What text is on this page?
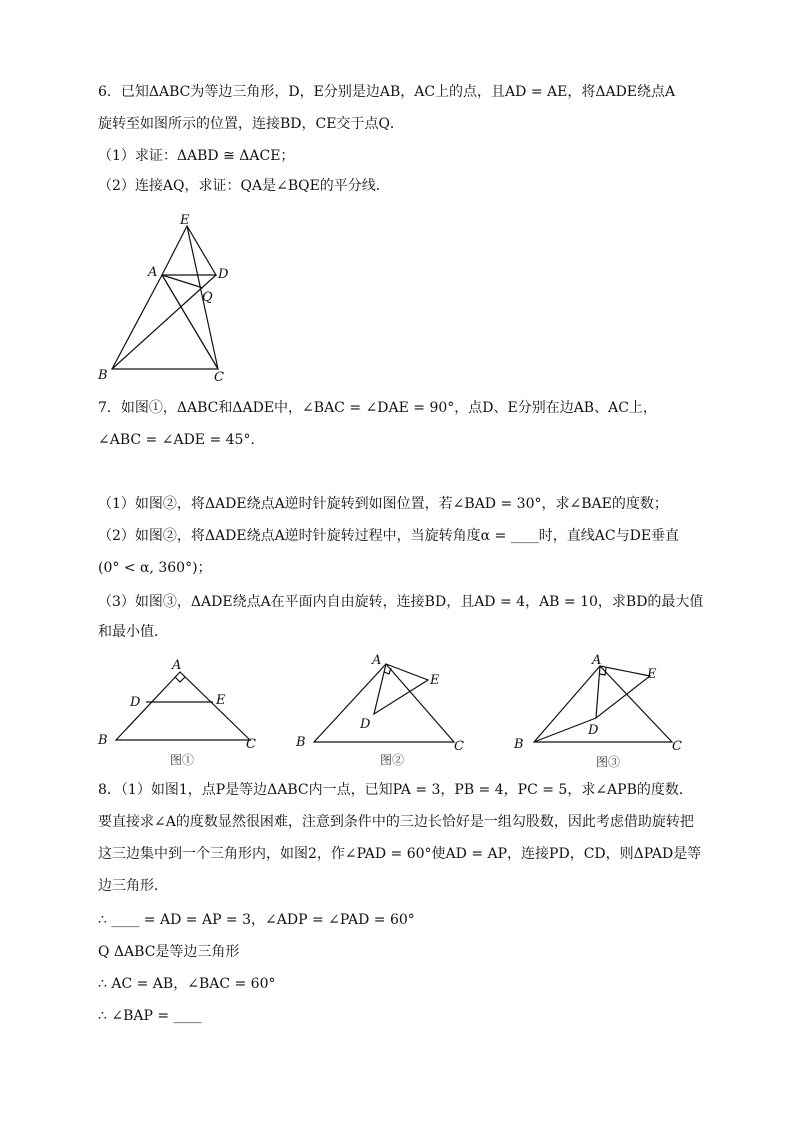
6．已知ΔABC为等边三角形，D，E分别是边AB，AC上的点，且AD = AE，将ΔADE绕点A
旋转至如图所示的位置，连接BD，CE交于点Q．
（1）求证：ΔABD ≅ ΔACE；
（2）连接AQ，求证：QA是∠BQE的平分线．
E
A	D
Q
B	C
7．如图①，ΔABC和ΔADE中，∠BAC = ∠DAE = 90°，点D、E分别在边AB、AC上，
∠ABC = ∠ADE = 45°．
（1）如图②，将ΔADE绕点A逆时针旋转到如图位置，若∠BAD = 30°，求∠BAE的度数；
（2）如图②，将ΔADE绕点A逆时针旋转过程中，当旋转角度α = ____时，直线AC与DE垂直
(0° < α, 360°)；
（3）如图③，ΔADE绕点A在平面内自由旋转，连接BD，且AD = 4，AB = 10，求BD的最大值
和最小值．
A
D	E
B	C
图①
A
D
E
B	C
图②
A
D
E
B	C
图③
8．（1）如图1，点P是等边ΔABC内一点，已知PA = 3，PB = 4，PC = 5，求∠APB的度数．
要直接求∠A的度数显然很困难，注意到条件中的三边长恰好是一组勾股数，因此考虑借助旋转把
这三边集中到一个三角形内，如图2，作∠PAD = 60°使AD = AP，连接PD，CD，则ΔPAD是等
边三角形．
∴ ____ = AD = AP = 3，∠ADP = ∠PAD = 60°
Q ΔABC是等边三角形
∴ AC = AB，∠BAC = 60°
∴ ∠BAP = ____
